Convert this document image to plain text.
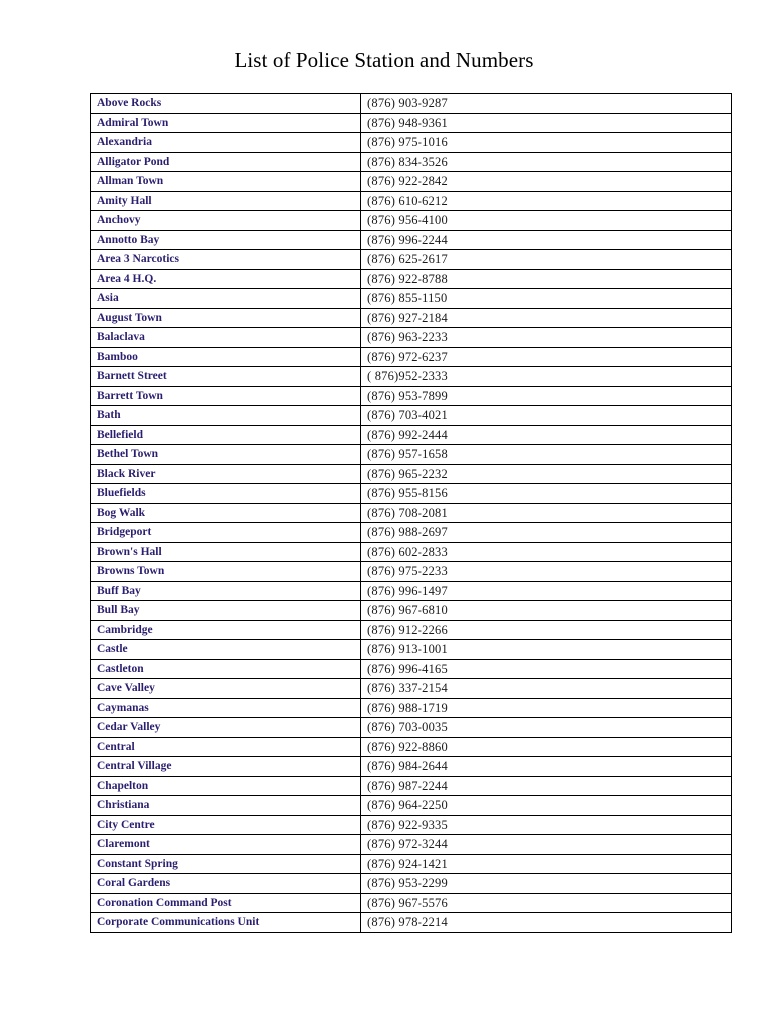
List of Police Station and Numbers
Above Rocks	(876) 903-9287
Admiral Town	(876) 948-9361
Alexandria	(876) 975-1016
Alligator Pond	(876) 834-3526
Allman Town	(876) 922-2842
Amity Hall	(876) 610-6212
Anchovy	(876) 956-4100
Annotto Bay	(876) 996-2244
Area 3 Narcotics	(876) 625-2617
Area 4 H.Q.	(876) 922-8788
Asia	(876) 855-1150
August Town	(876) 927-2184
Balaclava	(876) 963-2233
Bamboo	(876) 972-6237
Barnett Street	( 876)952-2333
Barrett Town	(876) 953-7899
Bath	(876) 703-4021
Bellefield	(876) 992-2444
Bethel Town	(876) 957-1658
Black River	(876) 965-2232
Bluefields	(876) 955-8156
Bog Walk	(876) 708-2081
Bridgeport	(876) 988-2697
Brown's Hall	(876) 602-2833
Browns Town	(876) 975-2233
Buff Bay	(876) 996-1497
Bull Bay	(876) 967-6810
Cambridge	(876) 912-2266
Castle	(876) 913-1001
Castleton	(876) 996-4165
Cave Valley	(876) 337-2154
Caymanas	(876) 988-1719
Cedar Valley	(876) 703-0035
Central	(876) 922-8860
Central Village	(876) 984-2644
Chapelton	(876) 987-2244
Christiana	(876) 964-2250
City Centre	(876) 922-9335
Claremont	(876) 972-3244
Constant Spring	(876) 924-1421
Coral Gardens	(876) 953-2299
Coronation Command Post	(876) 967-5576
Corporate Communications Unit	(876) 978-2214
